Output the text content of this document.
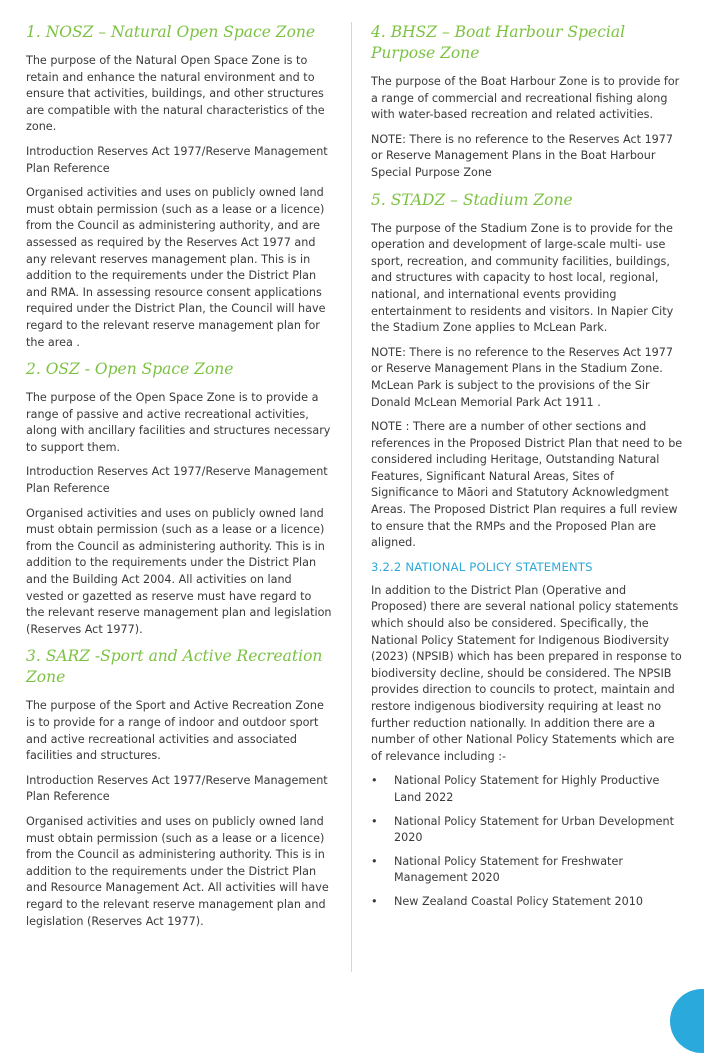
1. NOSZ – Natural Open Space Zone

The purpose of the Natural Open Space Zone is to retain and enhance the natural environment and to ensure that activities, buildings, and other structures are compatible with the natural characteristics of the zone.

Introduction Reserves Act 1977/Reserve Management Plan Reference

Organised activities and uses on publicly owned land must obtain permission (such as a lease or a licence) from the Council as administering authority, and are assessed as required by the Reserves Act 1977 and any relevant reserves management plan. This is in addition to the requirements under the District Plan and RMA. In assessing resource consent applications required under the District Plan, the Council will have regard to the relevant reserve management plan for the area .

2. OSZ - Open Space Zone

The purpose of the Open Space Zone is to provide a range of passive and active recreational activities, along with ancillary facilities and structures necessary to support them.

Introduction Reserves Act 1977/Reserve Management Plan Reference

Organised activities and uses on publicly owned land must obtain permission (such as a lease or a licence) from the Council as administering authority. This is in addition to the requirements under the District Plan and the Building Act 2004. All activities on land vested or gazetted as reserve must have regard to the relevant reserve management plan and legislation (Reserves Act 1977).

3. SARZ -Sport and Active Recreation Zone

The purpose of the Sport and Active Recreation Zone is to provide for a range of indoor and outdoor sport and active recreational activities and associated facilities and structures.

Introduction Reserves Act 1977/Reserve Management Plan Reference

Organised activities and uses on publicly owned land must obtain permission (such as a lease or a licence) from the Council as administering authority. This is in addition to the requirements under the District Plan and Resource Management Act. All activities will have regard to the relevant reserve management plan and legislation (Reserves Act 1977).

4. BHSZ – Boat Harbour Special Purpose Zone

The purpose of the Boat Harbour Zone is to provide for a range of commercial and recreational fishing along with water-based recreation and related activities.

NOTE: There is no reference to the Reserves Act 1977 or Reserve Management Plans in the Boat Harbour Special Purpose Zone

5. STADZ – Stadium Zone

The purpose of the Stadium Zone is to provide for the operation and development of large-scale multi- use sport, recreation, and community facilities, buildings, and structures with capacity to host local, regional, national, and international events providing entertainment to residents and visitors. In Napier City the Stadium Zone applies to McLean Park.

NOTE: There is no reference to the Reserves Act 1977 or Reserve Management Plans in the Stadium Zone. McLean Park is subject to the provisions of the Sir Donald McLean Memorial Park Act 1911 .

NOTE : There are a number of other sections and references in the Proposed District Plan that need to be considered including Heritage, Outstanding Natural Features, Significant Natural Areas, Sites of Significance to Māori and Statutory Acknowledgment Areas. The Proposed District Plan requires a full review to ensure that the RMPs and the Proposed Plan are aligned.

3.2.2 NATIONAL POLICY STATEMENTS

In addition to the District Plan (Operative and Proposed) there are several national policy statements which should also be considered. Specifically, the National Policy Statement for Indigenous Biodiversity (2023) (NPSIB) which has been prepared in response to biodiversity decline, should be considered. The NPSIB provides direction to councils to protect, maintain and restore indigenous biodiversity requiring at least no further reduction nationally. In addition there are a number of other National Policy Statements which are of relevance including :-

• National Policy Statement for Highly Productive Land 2022
• National Policy Statement for Urban Development 2020
• National Policy Statement for Freshwater Management 2020
• New Zealand Coastal Policy Statement 2010
